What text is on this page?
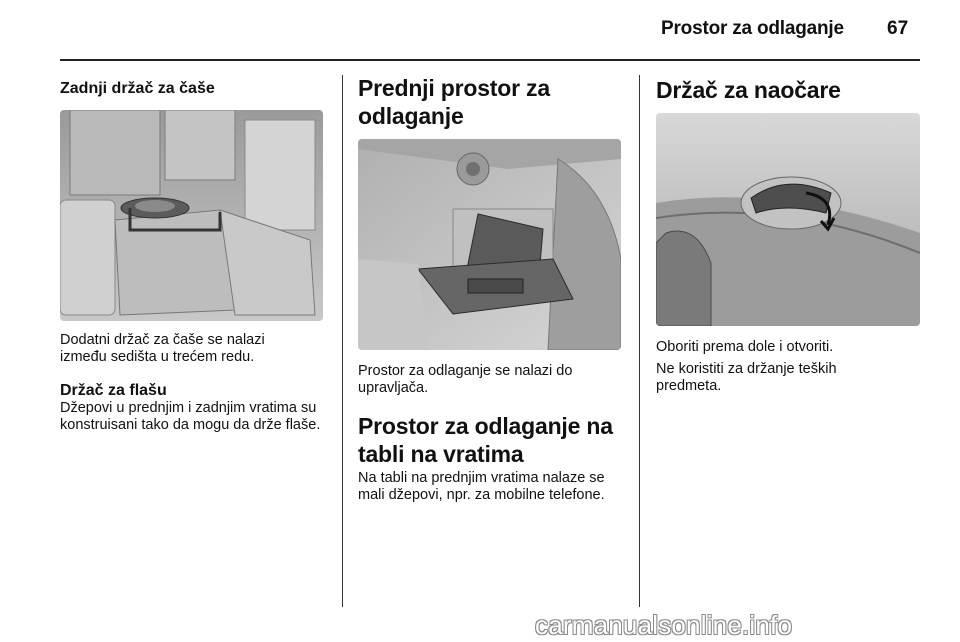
Prostor za odlaganje	67
Zadnji držač za čaše

Dodatni držač za čaše se nalazi između sedišta u trećem redu.

Držač za flašu

Džepovi u prednjim i zadnjim vratima su konstruisani tako da mogu da drže flaše.

Prednji prostor za odlaganje

Prostor za odlaganje se nalazi do upravljača.

Prostor za odlaganje na tabli na vratima

Na tabli na prednjim vratima nalaze se mali džepovi, npr. za mobilne telefone.

Držač za naočare

Oboriti prema dole i otvoriti.

Ne koristiti za držanje teških predmeta.

carmanualsonline.info
